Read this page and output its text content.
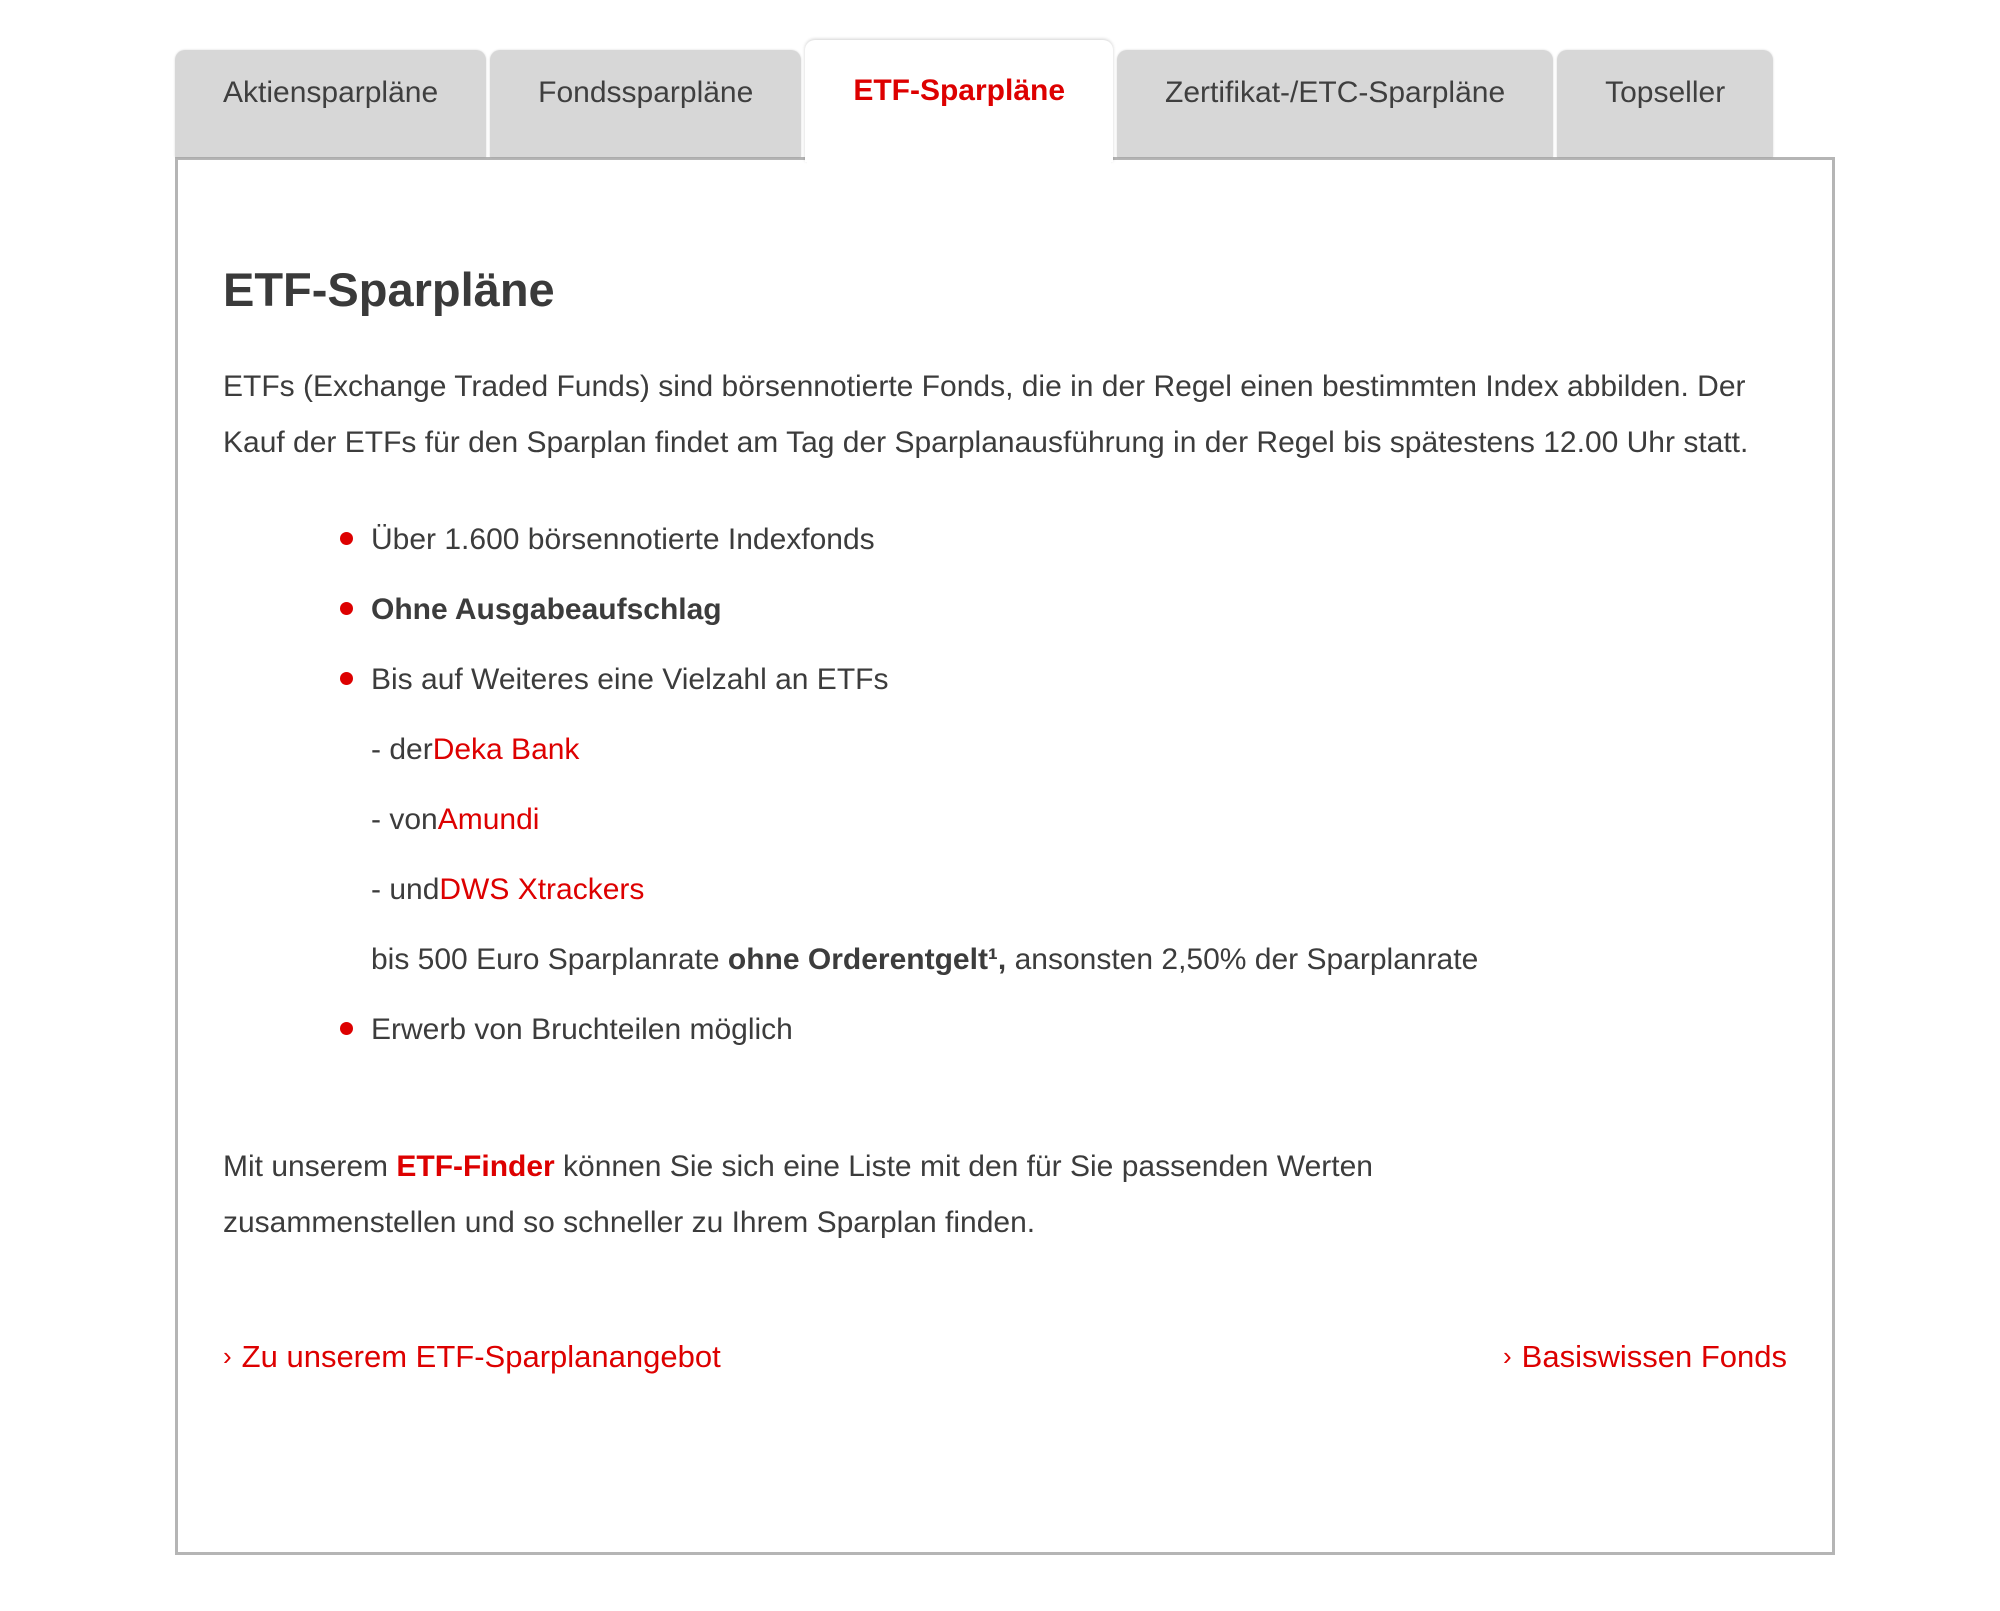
Aktiensparpläne	Fondssparpläne	ETF-Sparpläne	Zertifikat-/ETC-Sparpläne	Topseller
ETF-Sparpläne

ETFs (Exchange Traded Funds) sind börsennotierte Fonds, die in der Regel einen bestimmten Index abbilden. Der Kauf der ETFs für den Sparplan findet am Tag der Sparplanausführung in der Regel bis spätestens 12.00 Uhr statt.

Über 1.600 börsennotierte Indexfonds
Ohne Ausgabeaufschlag
Bis auf Weiteres eine Vielzahl an ETFs
- der Deka Bank
- von Amundi
- und DWS Xtrackers
bis 500 Euro Sparplanrate ohne Orderentgelt¹, ansonsten 2,50% der Sparplanrate
Erwerb von Bruchteilen möglich

Mit unserem ETF-Finder können Sie sich eine Liste mit den für Sie passenden Werten zusammenstellen und so schneller zu Ihrem Sparplan finden.

› Zu unserem ETF-Sparplanangebot	› Basiswissen Fonds
